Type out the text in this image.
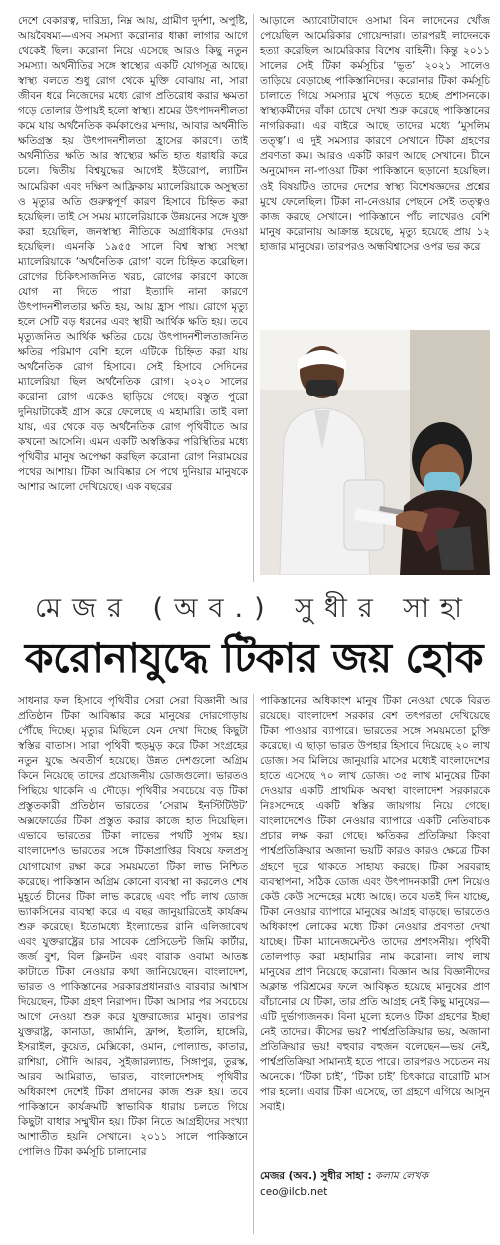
দেশে বেকারত্ব, দারিদ্র্য, নিম্ন আয়, গ্রামীণ দুর্দশা, অপুষ্টি, আয়বৈষম্য—এসব সমস্যা করোনার ধাক্কা লাগার আগে থেকেই ছিল। করোনা নিয়ে এসেছে আরও কিছু নতুন সমস্যা। অর্থনীতির সঙ্গে স্বাস্থ্যের একটি যোগসূত্র আছে। স্বাস্থ্য বলতে শুধু রোগ থেকে মুক্তি বোঝায় না, সারা জীবন ধরে নিজেদের মধ্যে রোগ প্রতিরোধ করার ক্ষমতা গড়ে তোলার উপায়ই হলো স্বাস্থ্য। শ্রমের উৎপাদনশীলতা কমে যায় অর্থনৈতিক কর্মকাণ্ডের মন্দায়, আবার অর্থনীতি ক্ষতিগ্রস্ত হয় উৎপাদনশীলতা হ্রাসের কারণে। তাই অর্থনীতির ক্ষতি আর স্বাস্থ্যের ক্ষতি হাত ধরাধরি করে চলে। দ্বিতীয় বিশ্বযুদ্ধের আগেই ইউরোপ, ল্যাটিন আমেরিকা এবং দক্ষিণ আফ্রিকায় ম্যালেরিয়াকে অসুস্থতা ও মৃত্যুর অতি গুরুত্বপূর্ণ কারণ হিসাবে চিহ্নিত করা হয়েছিল। তাই সে সময় ম্যালেরিয়াকে উন্নয়নের সঙ্গে যুক্ত করা হয়েছিল, জনস্বাস্থ্য নীতিকে অগ্রাধিকার দেওয়া হয়েছিল। এমনকি ১৯৫৫ সালে বিশ্ব স্বাস্থ্য সংস্থা ম্যালেরিয়াকে ‘অর্থনৈতিক রোগ’ বলে চিহ্নিত করেছিল। রোগের চিকিৎসাজনিত খরচ, রোগের কারণে কাজে যোগ না দিতে পারা ইত্যাদি নানা কারণে উৎপাদনশীলতার ক্ষতি হয়, আয় হ্রাস পায়। রোগে মৃত্যু হলে সেটি বড় ধরনের এবং স্থায়ী আর্থিক ক্ষতি হয়। তবে মৃত্যুজনিত আর্থিক ক্ষতির চেয়ে উৎপাদনশীলতাজনিত ক্ষতির পরিমাণ বেশি হলে এটিকে চিহ্নিত করা যায় অর্থনৈতিক রোগ হিসাবে। সেই হিসাবে সেদিনের ম্যালেরিয়া ছিল অর্থনৈতিক রোগ। ২০২০ সালের করোনা রোগ একেও ছাড়িয়ে গেছে। বস্তুত পুরো দুনিয়াটাকেই গ্রাস করে ফেলেছে এ মহামারি। তাই বলা যায়, এর থেকে বড় অর্থনৈতিক রোগ পৃথিবীতে আর কখনো আসেনি। এমন একটি অস্বস্তিকর পরিস্থিতির মধ্যে পৃথিবীর মানুষ অপেক্ষা করছিল করোনা রোগ নিরাময়ের পথের আশায়। টিকা আবিষ্কার সে পথে দুনিয়ার মানুষকে আশার আলো দেখিয়েছে। এক বছরের

আড়ালে অ্যাবোটাবাদে ওসামা বিন লাদেনের খোঁজ পেয়েছিল আমেরিকার গোয়েন্দারা। তারপরই লাদেনকে হত্যা করেছিল আমেরিকার বিশেষ বাহিনী। কিন্তু ২০১১ সালের সেই টিকা কর্মসূচির ‘ভূত’ ২০২১ সালেও তাড়িয়ে বেড়াচ্ছে পাকিস্তানিদের। করোনার টিকা কর্মসূচি চালাতে গিয়ে সমস্যার মুখে পড়তে হচ্ছে প্রশাসনকে। স্বাস্থ্যকর্মীদের বাঁকা চোখে দেখা শুরু করেছে পাকিস্তানের নাগরিকরা। এর বাইরে আছে তাদের মধ্যে ‘মুসলিম তত্ত্ব’। এ দুই সমস্যার কারণে সেখানে টিকা গ্রহণের প্রবণতা কম। আরও একটি কারণ আছে সেখানে। চীনে অনুমোদন না-পাওয়া টিকা পাকিস্তানে ছড়ানো হয়েছিল। ওই বিষয়টিও তাদের দেশের স্বাস্থ্য বিশেষজ্ঞদের প্রশ্নের মুখে ফেলেছিল। টিকা না-নেওয়ার পেছনে সেই তত্ত্বও কাজ করছে সেখানে। পাকিস্তানে পাঁচ লাখেরও বেশি মানুষ করোনায় আক্রান্ত হয়েছে, মৃত্যু হয়েছে প্রায় ১২ হাজার মানুষের। তারপরও অন্ধবিশ্বাসের ওপর ভর করে

মেজর (অব.) সুধীর সাহা
করোনাযুদ্ধে টিকার জয় হোক

সাধনার ফল হিসাবে পৃথিবীর সেরা সেরা বিজ্ঞানী আর প্রতিষ্ঠান টিকা আবিষ্কার করে মানুষের দোরগোড়ায় পৌঁছে দিচ্ছে। মৃত্যুর মিছিলে যেন দেখা দিচ্ছে কিছুটা স্বস্তির বাতাস। সারা পৃথিবী হুড়মুড় করে টিকা সংগ্রহের নতুন যুদ্ধে অবতীর্ণ হয়েছে। উন্নত দেশগুলো অগ্রিম কিনে নিয়েছে তাদের প্রয়োজনীয় ডোজগুলো। ভারতও পিছিয়ে থাকেনি এ দৌড়ে। পৃথিবীর সবচেয়ে বড় টিকা প্রস্তুতকারী প্রতিষ্ঠান ভারতের ‘সেরাম ইনস্টিটিউট’ অক্সফোর্ডের টিকা প্রস্তুত করার কাজে হাত দিয়েছিল। এভাবে ভারতের টিকা লাভের পথটি সুগম হয়। বাংলাদেশও ভারতের সঙ্গে টিকাপ্রাপ্তির বিষয়ে ফলপ্রসূ যোগাযোগ রক্ষা করে সময়মতো টিকা লাভ নিশ্চিত করেছে। পাকিস্তান অগ্রিম কোনো ব্যবস্থা না করলেও শেষ মুহূর্তে চীনের টিকা লাভ করেছে এবং পাঁচ লাখ ডোজ ভ্যাকসিনের ব্যবস্থা করে এ বছর জানুয়ারিতেই কার্যক্রম শুরু করেছে। ইতোমধ্যে ইংল্যান্ডের রানি এলিজাবেথ এবং যুক্তরাষ্ট্রের চার সাবেক প্রেসিডেন্ট জিমি কার্টার, জর্জ বুশ, বিল ক্লিনটন এবং বারাক ওবামা আতঙ্ক কাটাতে টিকা নেওয়ার কথা জানিয়েছেন। বাংলাদেশ, ভারত ও পাকিস্তানের সরকারপ্রধানরাও বারবার আশ্বাস দিয়েছেন, টিকা গ্রহণ নিরাপদ। টিকা আসার পর সবচেয়ে আগে নেওয়া শুরু করে যুক্তরাজ্যের মানুষ। তারপর যুক্তরাষ্ট্র, কানাডা, জার্মানি, ফ্রান্স, ইতালি, হাঙ্গেরি, ইসরাইল, কুয়েত, মেক্সিকো, ওমান, পোল্যান্ড, কাতার, রাশিয়া, সৌদি আরব, সুইজারল্যান্ড, সিঙ্গাপুর, তুরস্ক, আরব আমিরাত, ভারত, বাংলাদেশসহ পৃথিবীর অধিকাংশ দেশেই টিকা প্রদানের কাজ শুরু হয়। তবে পাকিস্তানে কার্যক্রমটি স্বাভাবিক ধারায় চলতে গিয়ে কিছুটা বাধার সম্মুখীন হয়। টিকা নিতে আগ্রহীদের সংখ্যা আশাতীত হয়নি সেখানে। ২০১১ সালে পাকিস্তানে পোলিও টিকা কর্মসূচি চালানোর

পাকিস্তানের অধিকাংশ মানুষ টিকা নেওয়া থেকে বিরত রয়েছে। বাংলাদেশ সরকার বেশ তৎপরতা দেখিয়েছে টিকা পাওয়ার ব্যাপারে। ভারতের সঙ্গে সময়মতো চুক্তি করেছে। এ ছাড়া ভারত উপহার হিসাবে দিয়েছে ২০ লাখ ডোজ। সব মিলিয়ে জানুয়ারি মাসের মধ্যেই বাংলাদেশের হাতে এসেছে ৭০ লাখ ডোজ। ৩৫ লাখ মানুষের টিকা দেওয়ার একটি প্রাথমিক অবস্থা বাংলাদেশ সরকারকে নিঃসন্দেহে একটি স্বস্তির জায়গায় নিয়ে গেছে। বাংলাদেশেও টিকা নেওয়ার ব্যাপারে একটি নেতিবাচক প্রচার লক্ষ করা গেছে। ক্ষতিকর প্রতিক্রিয়া কিংবা পার্শ্বপ্রতিক্রিয়ার অজানা ভয়টি কারও কারও ক্ষেত্রে টিকা গ্রহণে দূরে থাকতে সাহায্য করছে। টিকা সরবরাহ ব্যবস্থাপনা, সঠিক ডোজ এবং উৎপাদনকারী দেশ নিয়েও কেউ কেউ সন্দেহের মধ্যে আছে। তবে যতই দিন যাচ্ছে, টিকা নেওয়ার ব্যাপারে মানুষের আগ্রহ বাড়ছে। ভারতেও অধিকাংশ লোকের মধ্যে টিকা নেওয়ার প্রবণতা দেখা যাচ্ছে। টিকা ম্যানেজমেন্টও তাদের প্রশংসনীয়। পৃথিবী তোলপাড় করা মহামারির নাম করোনা। লাখ লাখ মানুষের প্রাণ নিয়েছে করোনা। বিজ্ঞান আর বিজ্ঞানীদের অক্লান্ত পরিশ্রমের ফলে আবিষ্কৃত হয়েছে মানুষের প্রাণ বাঁচানোর যে টিকা, তার প্রতি আগ্রহ নেই কিছু মানুষের—এটি দুর্ভাগ্যজনক। বিনা মূল্যে হলেও টিকা গ্রহণের ইচ্ছা নেই তাদের। কীসের ভয়? পার্শ্বপ্রতিক্রিয়ার ভয়, অজানা প্রতিক্রিয়ার ভয়! বহুবার বহুজন বলেছেন—ভয় নেই, পার্শ্বপ্রতিক্রিয়া সামান্যই হতে পারে। তারপরও সচেতন নয় অনেকে। ‘টিকা চাই’, ‘টিকা চাই’ চিৎকারে বারোটি মাস পার হলো। এবার টিকা এসেছে, তা গ্রহণে এগিয়ে আসুন সবাই।

মেজর (অব.) সুধীর সাহা : কলাম লেখক
ceo@ilcb.net
